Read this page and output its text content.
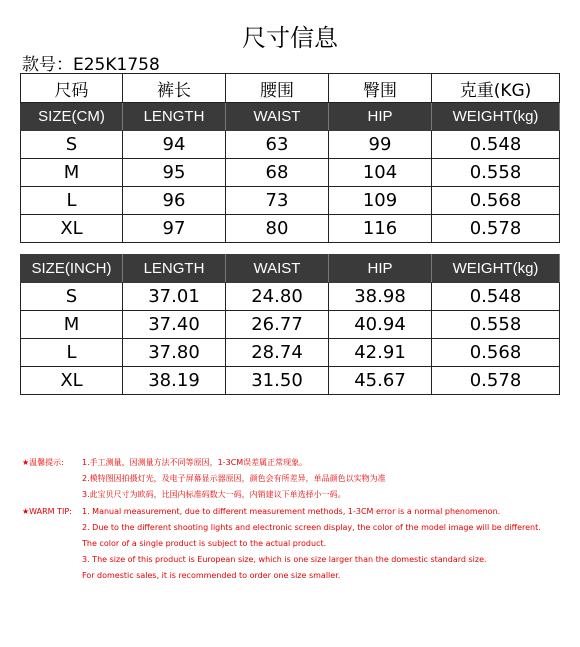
尺寸信息
款号：E25K1758
尺码	裤长	腰围	臀围	克重(KG)
SIZE(CM)	LENGTH	WAIST	HIP	WEIGHT(kg)
S	94	63	99	0.548
M	95	68	104	0.558
L	96	73	109	0.568
XL	97	80	116	0.578
SIZE(INCH)	LENGTH	WAIST	HIP	WEIGHT(kg)
S	37.01	24.80	38.98	0.548
M	37.40	26.77	40.94	0.558
L	37.80	28.74	42.91	0.568
XL	38.19	31.50	45.67	0.578
★温馨提示: 1.手工测量，因测量方法不同等原因，1-3CM误差属正常现象。
2.模特图因拍摄灯光，及电子屏幕显示器原因，颜色会有所差异，单品颜色以实物为准
3.此宝贝尺寸为欧码，比国内标准码数大一码，内销建议下单选择小一码。
★WARM TIP: 1. Manual measurement, due to different measurement methods, 1-3CM error is a normal phenomenon.
2. Due to the different shooting lights and electronic screen display, the color of the model image will be different.
The color of a single product is subject to the actual product.
3. The size of this product is European size, which is one size larger than the domestic standard size.
For domestic sales, it is recommended to order one size smaller.
